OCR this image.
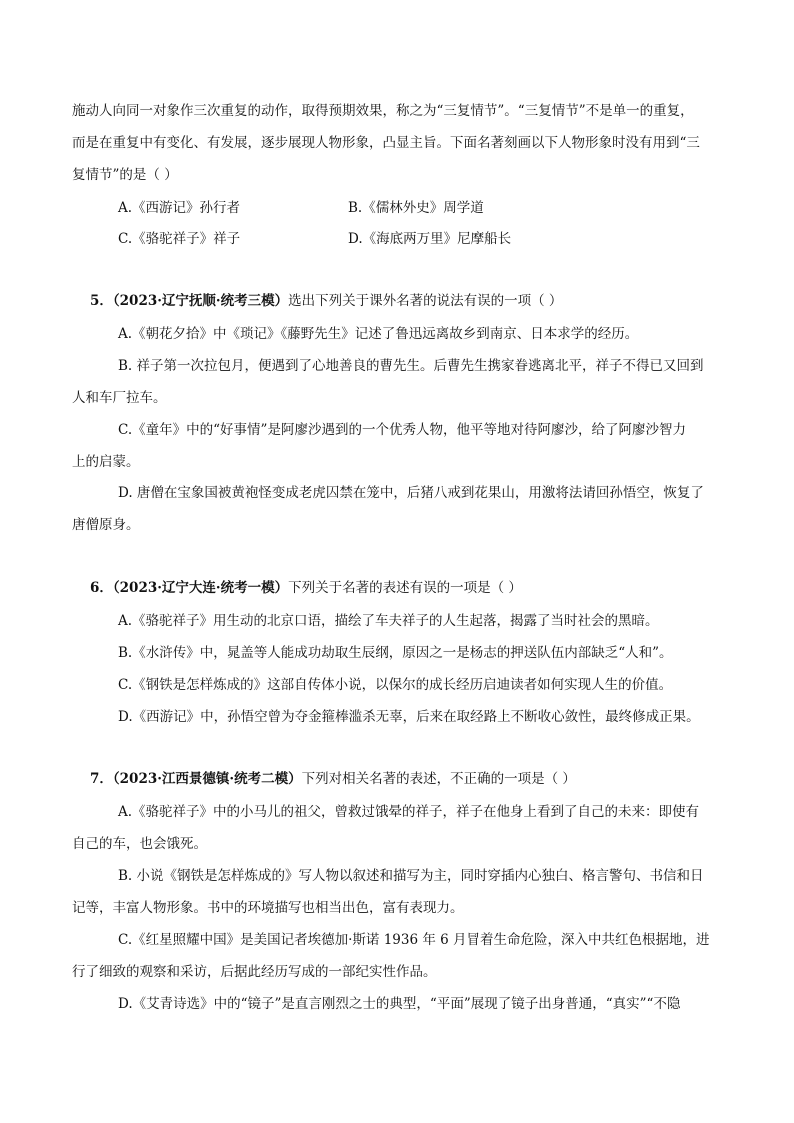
施动人向同一对象作三次重复的动作，取得预期效果，称之为“三复情节”。“三复情节”不是单一的重复，
而是在重复中有变化、有发展，逐步展现人物形象，凸显主旨。下面名著刻画以下人物形象时没有用到“三
复情节”的是（ ）
A.《西游记》孙行者	B.《儒林外史》周学道
C.《骆驼祥子》祥子	D.《海底两万里》尼摩船长
5．（2023·辽宁抚顺·统考三模）选出下列关于课外名著的说法有误的一项（ ）
A.《朝花夕拾》中《琐记》《藤野先生》记述了鲁迅远离故乡到南京、日本求学的经历。
B. 祥子第一次拉包月，便遇到了心地善良的曹先生。后曹先生携家眷逃离北平，祥子不得已又回到
人和车厂拉车。
C.《童年》中的“好事情”是阿廖沙遇到的一个优秀人物，他平等地对待阿廖沙，给了阿廖沙智力
上的启蒙。
D. 唐僧在宝象国被黄袍怪变成老虎囚禁在笼中，后猪八戒到花果山，用激将法请回孙悟空，恢复了
唐僧原身。
6．（2023·辽宁大连·统考一模）下列关于名著的表述有误的一项是（ ）
A.《骆驼祥子》用生动的北京口语，描绘了车夫祥子的人生起落，揭露了当时社会的黑暗。
B.《水浒传》中，晁盖等人能成功劫取生辰纲，原因之一是杨志的押送队伍内部缺乏“人和”。
C.《钢铁是怎样炼成的》这部自传体小说，以保尔的成长经历启迪读者如何实现人生的价值。
D.《西游记》中，孙悟空曾为夺金箍棒滥杀无辜，后来在取经路上不断收心敛性，最终修成正果。
7．（2023·江西景德镇·统考二模）下列对相关名著的表述，不正确的一项是（ ）
A.《骆驼祥子》中的小马儿的祖父，曾救过饿晕的祥子，祥子在他身上看到了自己的未来：即使有
自己的车，也会饿死。
B. 小说《钢铁是怎样炼成的》写人物以叙述和描写为主，同时穿插内心独白、格言警句、书信和日
记等，丰富人物形象。书中的环境描写也相当出色，富有表现力。
C.《红星照耀中国》是美国记者埃德加·斯诺 1936 年 6 月冒着生命危险，深入中共红色根据地，进
行了细致的观察和采访，后据此经历写成的一部纪实性作品。
D.《艾青诗选》中的“镜子”是直言刚烈之士的典型，“平面”展现了镜子出身普通，“真实”“不隐
